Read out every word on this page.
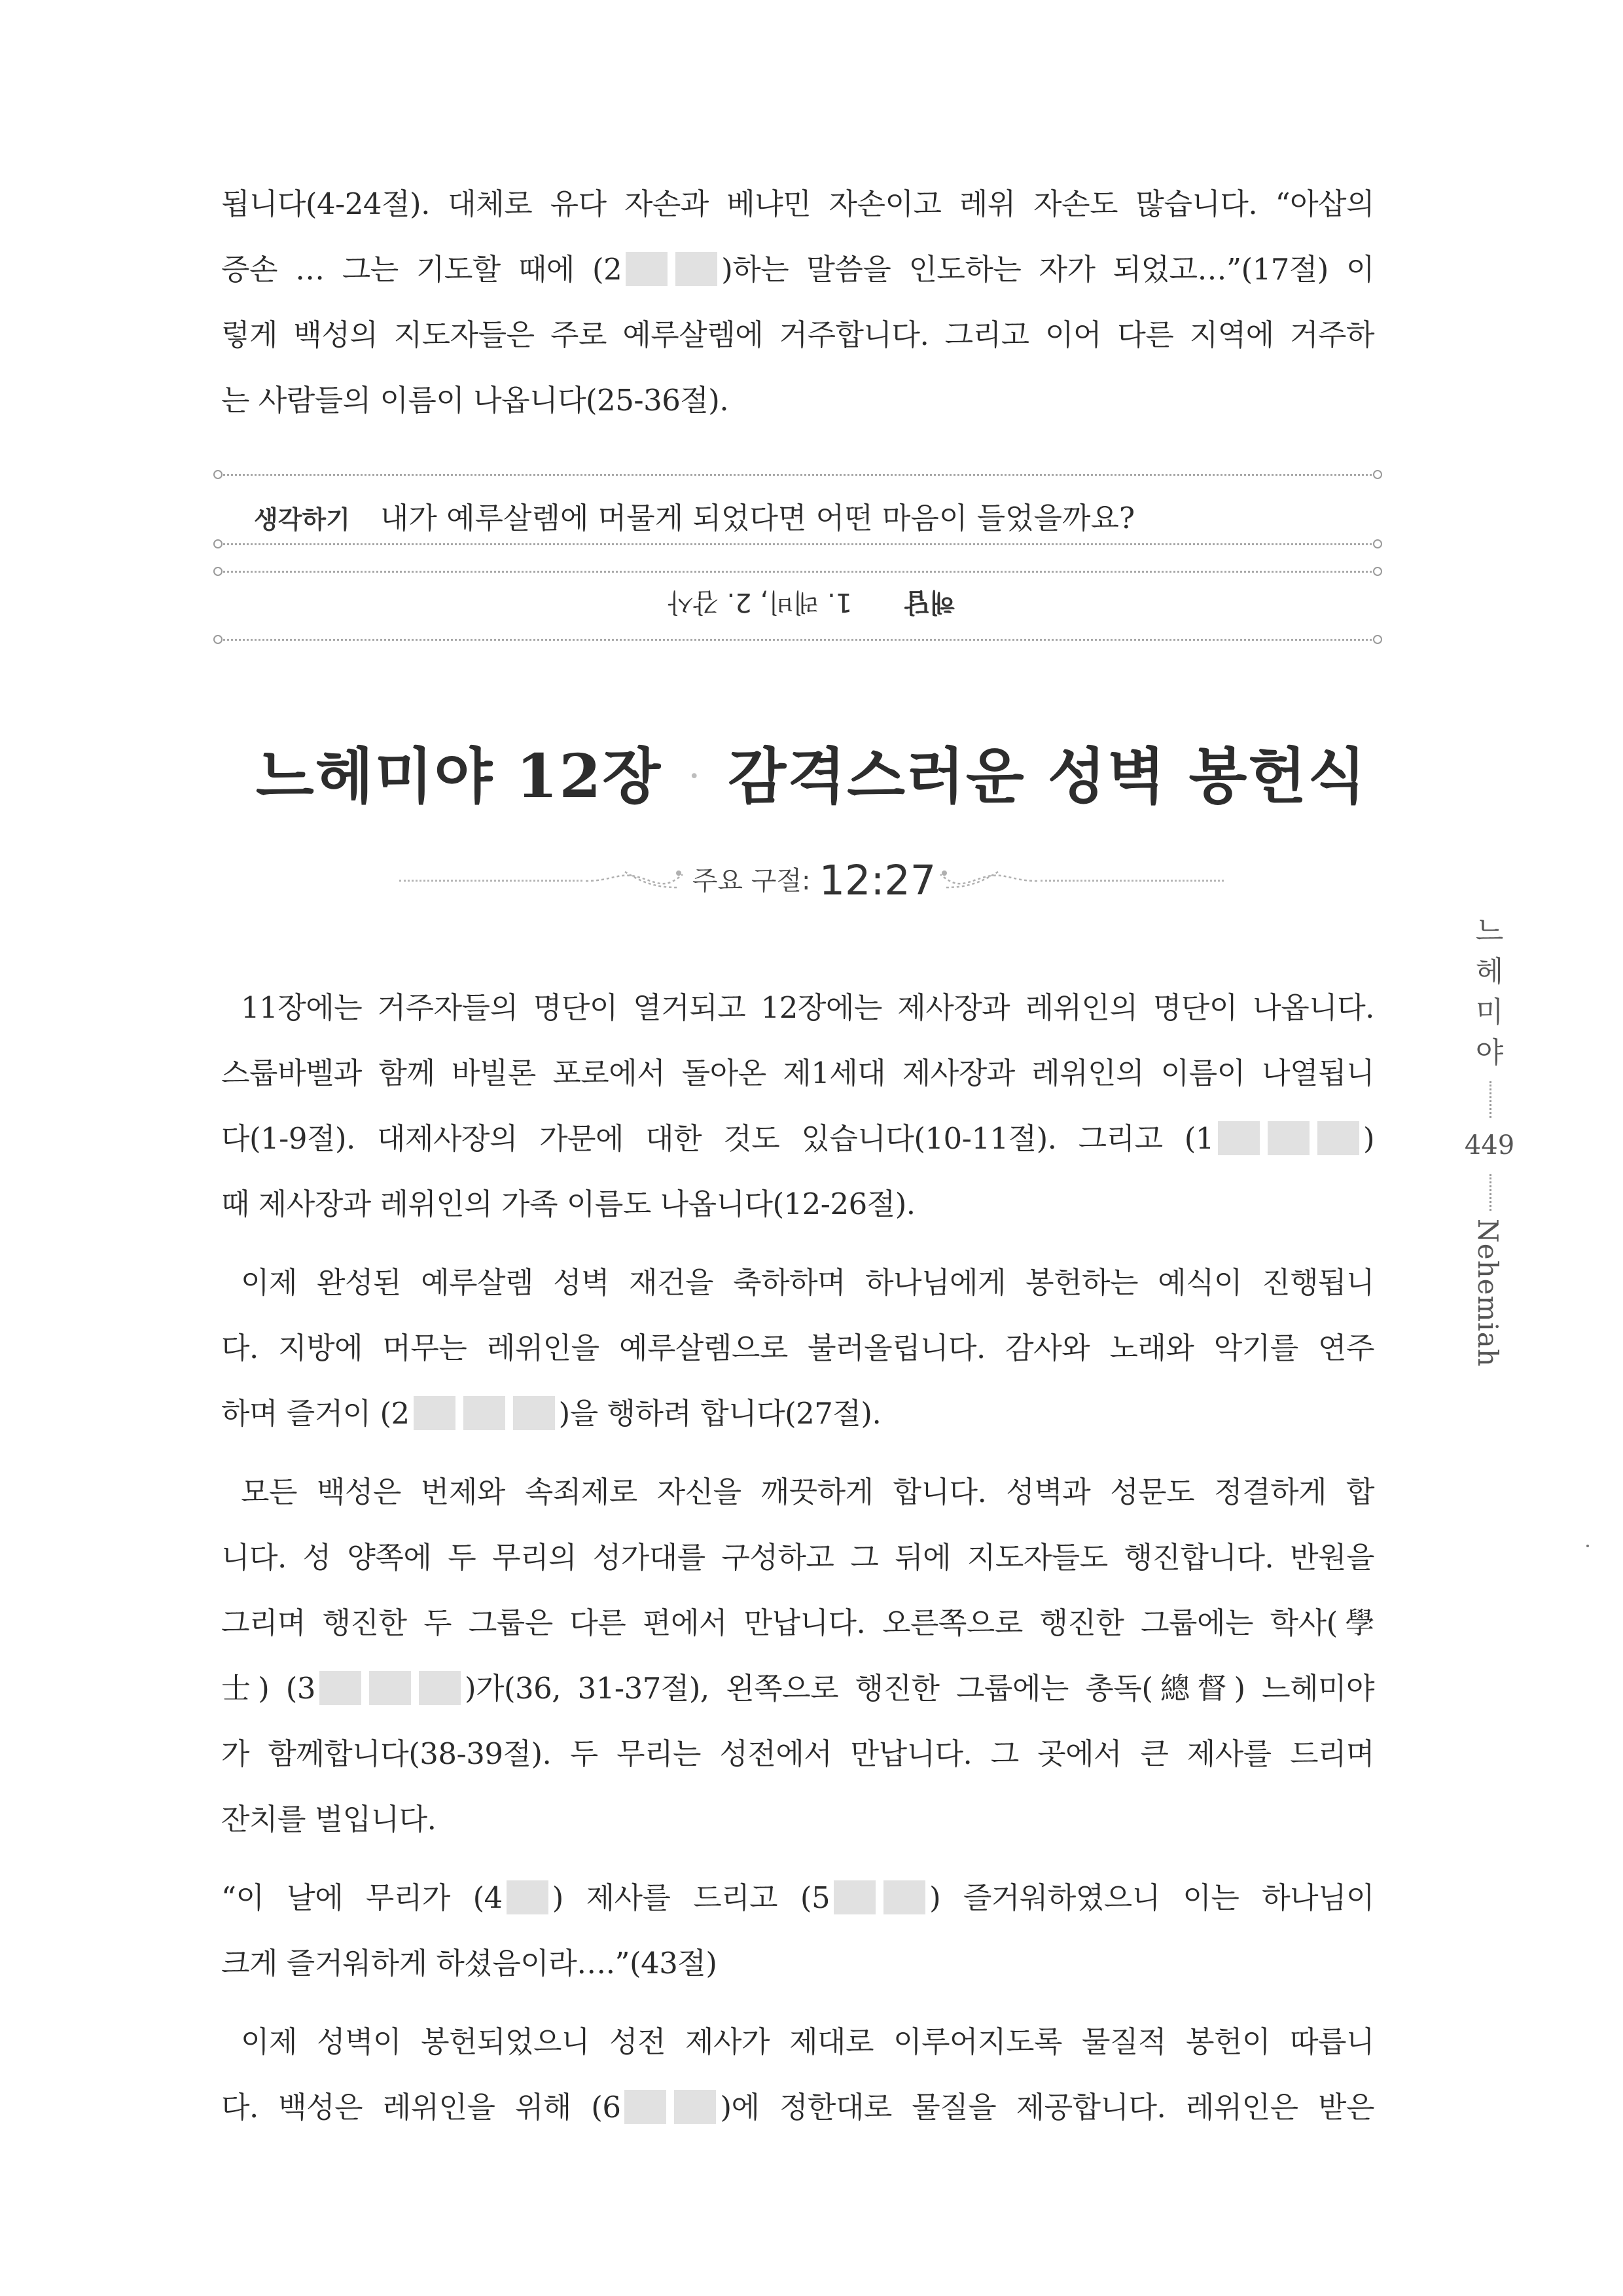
됩니다(4-24절). 대체로 유다 자손과 베냐민 자손이고 레위 자손도 많습니다. “아삽의

증손 … 그는 기도할 때에 (2	)하는 말씀을 인도하는 자가 되었고…”(17절) 이

렇게 백성의 지도자들은 주로 예루살렘에 거주합니다. 그리고 이어 다른 지역에 거주하

는 사람들의 이름이 나옵니다(25-36절).

생각하기 내가 예루살렘에 머물게 되었다면 어떤 마음이 들었을까요?
해답1. 레비, 2. 감사
느헤미야 12장 · 감격스러운 성벽 봉헌식
주요 구절: 12:27

11장에는 거주자들의 명단이 열거되고 12장에는 제사장과 레위인의 명단이 나옵니다.

스룹바벨과 함께 바빌론 포로에서 돌아온 제1세대 제사장과 레위인의 이름이 나열됩니

다(1-9절). 대제사장의 가문에 대한 것도 있습니다(10-11절). 그리고 (1	)

때 제사장과 레위인의 가족 이름도 나옵니다(12-26절).

이제 완성된 예루살렘 성벽 재건을 축하하며 하나님에게 봉헌하는 예식이 진행됩니

다. 지방에 머무는 레위인을 예루살렘으로 불러올립니다. 감사와 노래와 악기를 연주

하며 즐거이 (2	)을 행하려 합니다(27절).

모든 백성은 번제와 속죄제로 자신을 깨끗하게 합니다. 성벽과 성문도 정결하게 합

니다. 성 양쪽에 두 무리의 성가대를 구성하고 그 뒤에 지도자들도 행진합니다. 반원을

그리며 행진한 두 그룹은 다른 편에서 만납니다. 오른쪽으로 행진한 그룹에는 학사(學

士) (3	)가(36, 31-37절), 왼쪽으로 행진한 그룹에는 총독(總督) 느헤미야

가 함께합니다(38-39절). 두 무리는 성전에서 만납니다. 그 곳에서 큰 제사를 드리며

잔치를 벌입니다.

“이 날에 무리가 (4 ) 제사를 드리고 (5	) 즐거워하였으니 이는 하나님이

크게 즐거워하게 하셨음이라….”(43절)

이제 성벽이 봉헌되었으니 성전 제사가 제대로 이루어지도록 물질적 봉헌이 따릅니

다. 백성은 레위인을 위해 (6	)에 정한대로 물질을 제공합니다. 레위인은 받은

느
헤
미
야
449
Nehemiah
